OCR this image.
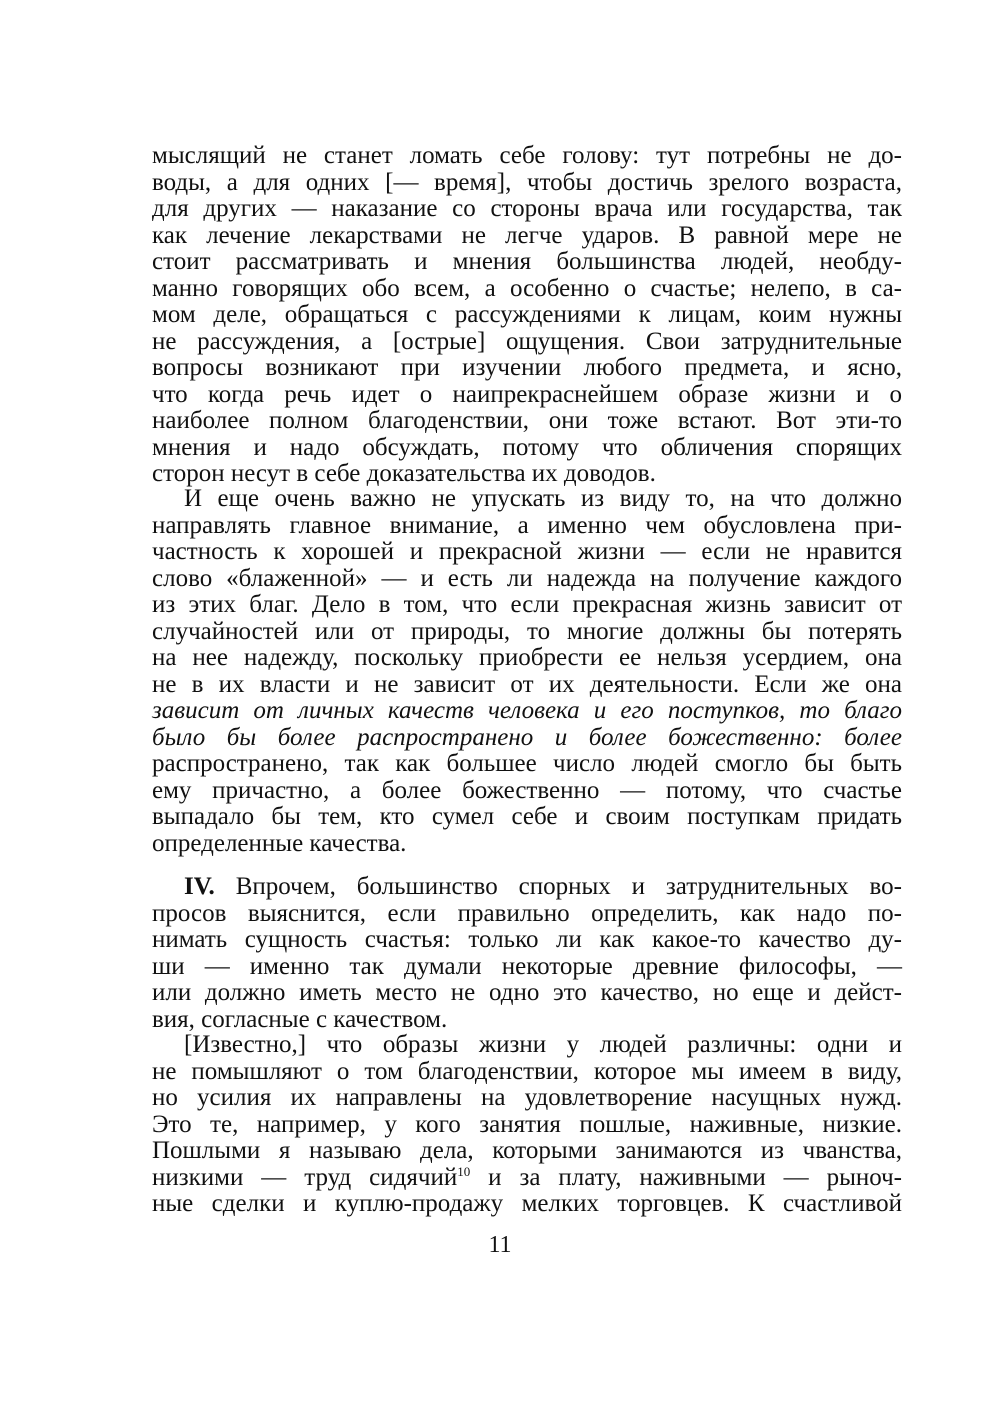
мыслящий не станет ломать себе голову: тут потребны не до-
воды, а для одних [— время], чтобы достичь зрелого возраста,
для других — наказание со стороны врача или государства, так
как лечение лекарствами не легче ударов. В равной мере не
стоит рассматривать и мнения большинства людей, необду-
манно говорящих обо всем, а особенно о счастье; нелепо, в са-
мом деле, обращаться с рассуждениями к лицам, коим нужны
не рассуждения, а [острые] ощущения. Свои затруднительные
вопросы возникают при изучении любого предмета, и ясно,
что когда речь идет о наипрекраснейшем образе жизни и о
наиболее полном благоденствии, они тоже встают. Вот эти-то
мнения и надо обсуждать, потому что обличения спорящих
сторон несут в себе доказательства их доводов.
И еще очень важно не упускать из виду то, на что должно
направлять главное внимание, а именно чем обусловлена при-
частность к хорошей и прекрасной жизни — если не нравится
слово «блаженной» — и есть ли надежда на получение каждого
из этих благ. Дело в том, что если прекрасная жизнь зависит от
случайностей или от природы, то многие должны бы потерять
на нее надежду, поскольку приобрести ее нельзя усердием, она
не в их власти и не зависит от их деятельности. Если же она
зависит от личных качеств человека и его поступков, то благо
было бы более распространено и более божественно: более
распространено, так как большее число людей смогло бы быть
ему причастно, а более божественно — потому, что счастье
выпадало бы тем, кто сумел себе и своим поступкам придать
определенные качества.
IV. Впрочем, большинство спорных и затруднительных во-
просов выяснится, если правильно определить, как надо по-
нимать сущность счастья: только ли как какое-то качество ду-
ши — именно так думали некоторые древние философы, —
или должно иметь место не одно это качество, но еще и дейст-
вия, согласные с качеством.
[Известно,] что образы жизни у людей различны: одни и
не помышляют о том благоденствии, которое мы имеем в виду,
но усилия их направлены на удовлетворение насущных нужд.
Это те, например, у кого занятия пошлые, наживные, низкие.
Пошлыми я называю дела, которыми занимаются из чванства,
низкими — труд сидячий$^{10}$ и за плату, наживными — рыноч-
ные сделки и куплю-продажу мелких торговцев. К счастливой
11
